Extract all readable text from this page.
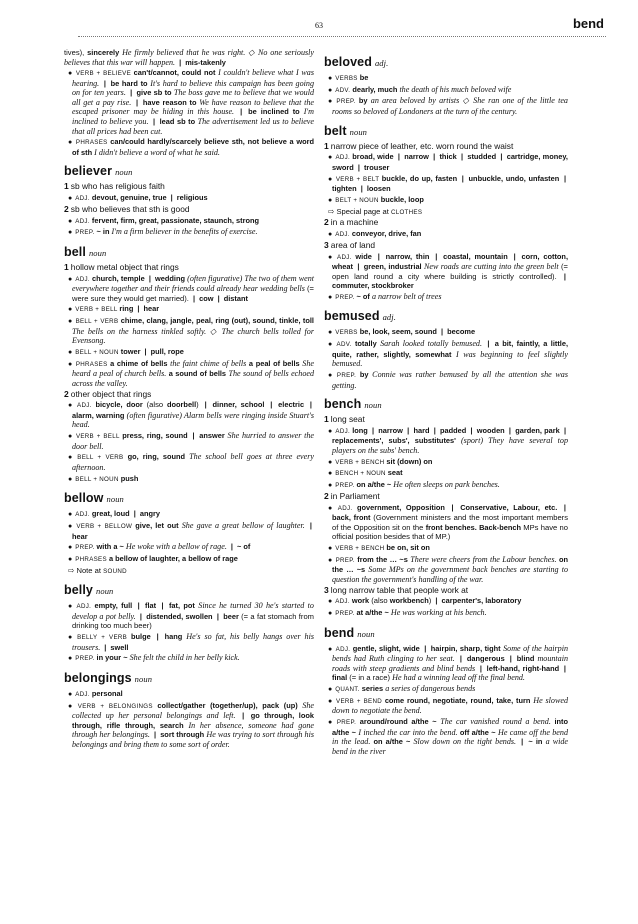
63	bend
tives), sincerely He firmly believed that he was right. ◇ No one seriously believes that this war will happen. | mis-takenly
● VERB + BELIEVE can't/cannot, could not I couldn't believe what I was hearing. | be hard to It's hard to believe this campaign has been going on for ten years. | give sb to The boss gave me to believe that we would all get a pay rise. | have reason to We have reason to believe that the escaped prisoner may be hiding in this house. | be inclined to I'm inclined to believe you. | lead sb to The advertisement led us to believe that all prices had been cut.
● PHRASES can/could hardly/scarcely believe sth, not believe a word of sth I didn't believe a word of what he said.
believer noun
1 sb who has religious faith
● ADJ. devout, genuine, true | religious
2 sb who believes that sth is good
● ADJ. fervent, firm, great, passionate, staunch, strong
● PREP. ~ in I'm a firm believer in the benefits of exercise.
bell noun
1 hollow metal object that rings
● ADJ. church, temple | wedding (often figurative) The two of them went everywhere together and their friends could already hear wedding bells (= were sure they would get married). | cow | distant
● VERB + BELL ring | hear
● BELL + VERB chime, clang, jangle, peal, ring (out), sound, tinkle, toll The bells on the harness tinkled softly. ◇ The church bells tolled for Evensong.
● BELL + NOUN tower | pull, rope
● PHRASES a chime of bells the faint chime of bells a peal of bells She heard a peal of church bells. a sound of bells The sound of bells echoed across the valley.
2 other object that rings
● ADJ. bicycle, door (also doorbell) | dinner, school | electric | alarm, warning (often figurative) Alarm bells were ringing inside Stuart's head.
● VERB + BELL press, ring, sound | answer She hurried to answer the door bell.
● BELL + VERB go, ring, sound The school bell goes at three every afternoon.
● BELL + NOUN push
bellow noun
● ADJ. great, loud | angry
● VERB + BELLOW give, let out She gave a great bellow of laughter. | hear
● PREP. with a ~ He woke with a bellow of rage. | ~ of
● PHRASES a bellow of laughter, a bellow of rage
⇨ Note at SOUND
belly noun
● ADJ. empty, full | flat | fat, pot Since he turned 30 he's started to develop a pot belly. | distended, swollen | beer (= a fat stomach from drinking too much beer)
● BELLY + VERB bulge | hang He's so fat, his belly hangs over his trousers. | swell
● PREP. in your ~ She felt the child in her belly kick.
belongings noun
● ADJ. personal
● VERB + BELONGINGS collect/gather (together/up), pack (up) She collected up her personal belongings and left. | go through, look through, rifle through, search In her absence, someone had gone through her belongings. | sort through He was trying to sort through his belongings and bring them to some sort of order.
beloved adj.
● VERBS be
● ADV. dearly, much the death of his much beloved wife
● PREP. by an area beloved by artists ◇ She ran one of the little tea rooms so beloved of Londoners at the turn of the century.
belt noun
1 narrow piece of leather, etc. worn round the waist
● ADJ. broad, wide | narrow | thick | studded | cartridge, money, sword | trouser
● VERB + BELT buckle, do up, fasten | unbuckle, undo, unfasten | tighten | loosen
● BELT + NOUN buckle, loop
⇨ Special page at CLOTHES
2 in a machine
● ADJ. conveyor, drive, fan
3 area of land
● ADJ. wide | narrow, thin | coastal, mountain | corn, cotton, wheat | green, industrial New roads are cutting into the green belt (= open land round a city where building is strictly controlled). | commuter, stockbroker
● PREP. ~ of a narrow belt of trees
bemused adj.
● VERBS be, look, seem, sound | become
● ADV. totally Sarah looked totally bemused. | a bit, faintly, a little, quite, rather, slightly, somewhat I was beginning to feel slightly bemused.
● PREP. by Connie was rather bemused by all the attention she was getting.
bench noun
1 long seat
● ADJ. long | narrow | hard | padded | wooden | garden, park | replacements', subs', substitutes' (sport) They have several top players on the subs' bench.
● VERB + BENCH sit (down) on
● BENCH + NOUN seat
● PREP. on a/the ~ He often sleeps on park benches.
2 in Parliament
● ADJ. government, Opposition | Conservative, Labour, etc. | back, front (Government ministers and the most important members of the Opposition sit on the front benches. Back-bench MPs have no official position besides that of MP.)
● VERB + BENCH be on, sit on
● PREP. from the … ~s There were cheers from the Labour benches. on the … ~s Some MPs on the government back benches are starting to question the government's handling of the war.
3 long narrow table that people work at
● ADJ. work (also workbench) | carpenter's, laboratory
● PREP. at a/the ~ He was working at his bench.
bend noun
● ADJ. gentle, slight, wide | hairpin, sharp, tight Some of the hairpin bends had Ruth clinging to her seat. | dangerous | blind mountain roads with steep gradients and blind bends | left-hand, right-hand | final (= in a race) He had a winning lead off the final bend.
● QUANT. series a series of dangerous bends
● VERB + BEND come round, negotiate, round, take, turn He slowed down to negotiate the bend.
● PREP. around/round a/the ~ The car vanished round a bend. into a/the ~ I inched the car into the bend. off a/the ~ He came off the bend in the lead. on a/the ~ Slow down on the tight bends. | ~ in a wide bend in the river
